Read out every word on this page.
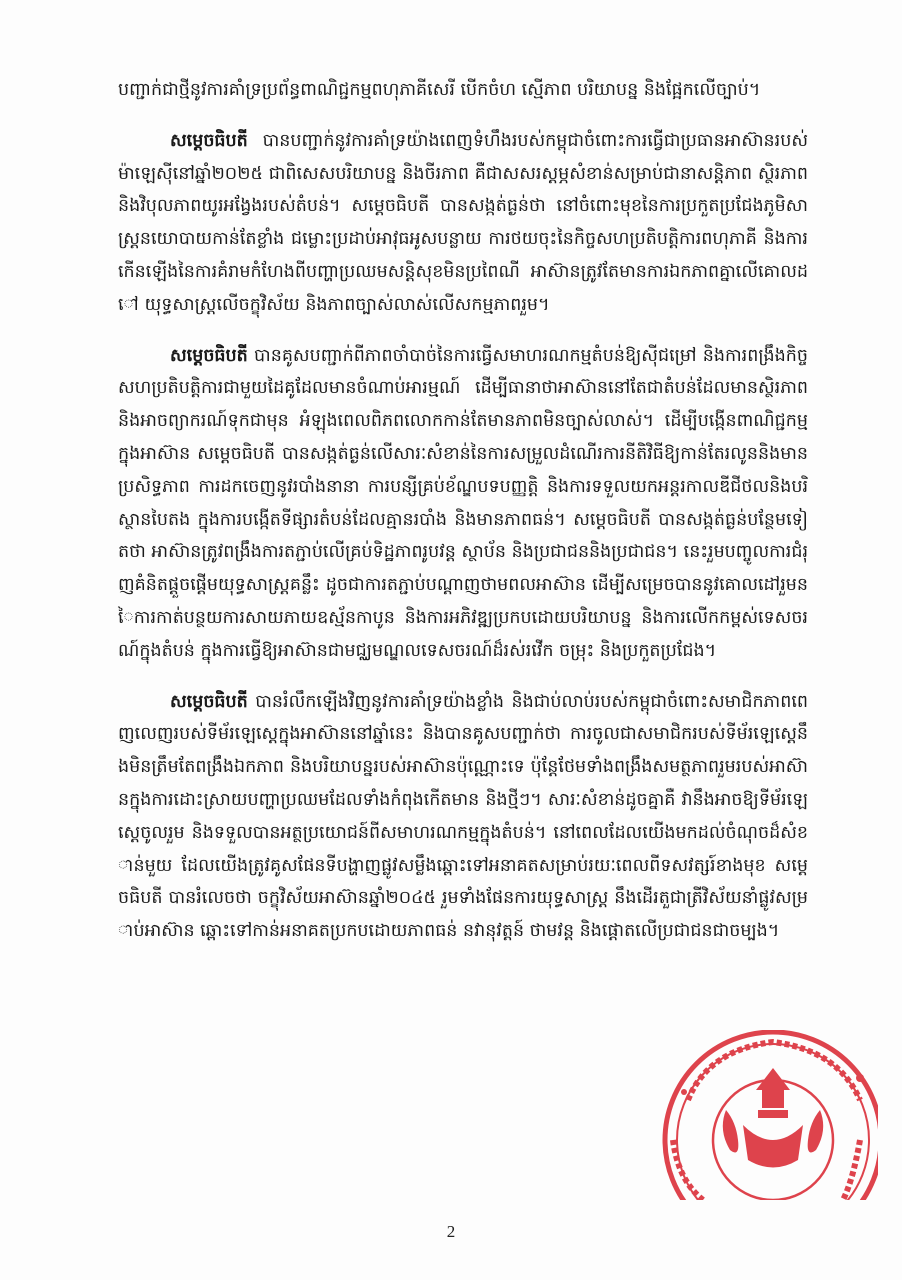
បញ្ជាក់ជាថ្មីនូវការគាំទ្រប្រព័ន្ធពាណិជ្ជកម្មពហុភាគីសេរី បើកចំហ ស្មើភាព បរិយាបន្ន និងផ្អែកលើច្បាប់។

សម្តេចធិបតី បានបញ្ជាក់នូវការគាំទ្រយ៉ាងពេញទំហឹងរបស់កម្ពុជាចំពោះការធ្វើជាប្រធានអាស៊ានរបស់ម៉ាឡេស៊ីនៅឆ្នាំ២០២៥ ជាពិសេសបរិយាបន្ន និងចីរភាព គឺជាសសរស្តម្ភសំខាន់សម្រាប់ជានាសន្តិភាព ស្ថិរភាព និងវិបុលភាពយូរអង្វែងរបស់តំបន់។ សម្តេចធិបតី បានសង្កត់ធ្ងន់ថា នៅចំពោះមុខនៃការប្រកួតប្រជែងភូមិសាស្ត្រនយោបាយកាន់តែខ្លាំង ជម្លោះប្រដាប់អាវុធអូសបន្លាយ ការថយចុះនៃកិច្ចសហប្រតិបត្តិការពហុភាគី និងការកើនឡើងនៃការគំរាមកំហែងពីបញ្ហាប្រឈមសន្តិសុខមិនប្រពៃណី អាស៊ានត្រូវតែមានការឯកភាពគ្នាលើគោលដៅ យុទ្ធសាស្ត្រលើចក្ខុវិស័យ និងភាពច្បាស់លាស់លើសកម្មភាពរួម។

សម្តេចធិបតី បានគូសបញ្ជាក់ពីភាពចាំបាច់នៃការធ្វើសមាហរណកម្មតំបន់ឱ្យស៊ីជម្រៅ និងការពង្រឹងកិច្ចសហប្រតិបត្តិការជាមួយដៃគូដែលមានចំណាប់អារម្មណ៍ ដើម្បីធានាថាអាស៊ាននៅតែជាតំបន់ដែលមានស្ថិរភាព និងអាចព្យាករណ៍ទុកជាមុន អំឡុងពេលពិភពលោកកាន់តែមានភាពមិនច្បាស់លាស់។ ដើម្បីបង្កើនពាណិជ្ជកម្មក្នុងអាស៊ាន សម្តេចធិបតី បានសង្កត់ធ្ងន់លើសារៈសំខាន់នៃការសម្រួលដំណើរការនីតិវិធីឱ្យកាន់តែរលូននិងមានប្រសិទ្ធភាព ការដកចេញនូវរបាំងនានា ការបន្សីគ្រប់ខ័ណ្ឌបទបញ្ញត្តិ និងការទទួលយកអន្តរកាលឌីជីថលនិងបរិស្ថានបៃតង ក្នុងការបង្កើតទីផ្សារតំបន់ដែលគ្មានរបាំង និងមានភាពធន់។ សម្តេចធិបតី បានសង្កត់ធ្ងន់បន្ថែមទៀតថា អាស៊ានត្រូវពង្រឹងការតភ្ជាប់លើគ្រប់ទិដ្ឋភាពរូបវន្ត ស្ថាប័ន និងប្រជាជននិងប្រជាជន។ នេះរួមបញ្ចូលការជំរុញគំនិតផ្តួចផ្តើមយុទ្ធសាស្ត្រគន្លឹះ ដូចជាការតភ្ជាប់បណ្តាញថាមពលអាស៊ាន ដើម្បីសម្រេចបាននូវគោលដៅរួមនៃការកាត់បន្ថយការសាយភាយឧស្ម័នកាបូន និងការអភិវឌ្ឍប្រកបដោយបរិយាបន្ន និងការលើកកម្ពស់ទេសចរណ៍ក្នុងតំបន់ ក្នុងការធ្វើឱ្យអាស៊ានជាមជ្ឈមណ្ឌលទេសចរណ៍ដ៏រស់រវើក ចម្រុះ និងប្រកួតប្រជែង។

សម្តេចធិបតី បានរំលឹកឡើងវិញនូវការគាំទ្រយ៉ាងខ្លាំង និងជាប់លាប់របស់កម្ពុជាចំពោះសមាជិកភាពពេញលេញរបស់ទីម័រឡេស្តេក្នុងអាស៊ាននៅឆ្នាំនេះ និងបានគូសបញ្ជាក់ថា ការចូលជាសមាជិករបស់ទីម័រឡេស្តេនឹងមិនត្រឹមតែពង្រឹងឯកភាព និងបរិយាបន្នរបស់អាស៊ានប៉ុណ្ណោះទេ ប៉ុន្តែថែមទាំងពង្រឹងសមត្ថភាពរួមរបស់អាស៊ានក្នុងការដោះស្រាយបញ្ហាប្រឈមដែលទាំងកំពុងកើតមាន និងថ្មីៗ។ សារៈសំខាន់ដូចគ្នាគឺ វានឹងអាចឱ្យទីម័រឡេស្តេចូលរួម និងទទួលបានអត្ថប្រយោជន៍ពីសមាហរណកម្មក្នុងតំបន់។ នៅពេលដែលយើងមកដល់ចំណុចដ៏សំខាន់មួយ ដែលយើងត្រូវគូសផែនទីបង្ហាញផ្លូវសម្លឹងឆ្ពោះទៅអនាគតសម្រាប់រយៈពេលពីទសវត្សរ៍ខាងមុខ សម្តេចធិបតី បានរំលេចថា ចក្ខុវិស័យអាស៊ានឆ្នាំ២០៤៥ រួមទាំងផែនការយុទ្ធសាស្ត្រ នឹងដើរតួជាត្រីវិស័យនាំផ្លូវសម្រាប់អាស៊ាន ឆ្ពោះទៅកាន់អនាគតប្រកបដោយភាពធន់ នវានុវត្តន៍ ថាមវន្ត និងផ្តោតលើប្រជាជនជាចម្បង។

2
